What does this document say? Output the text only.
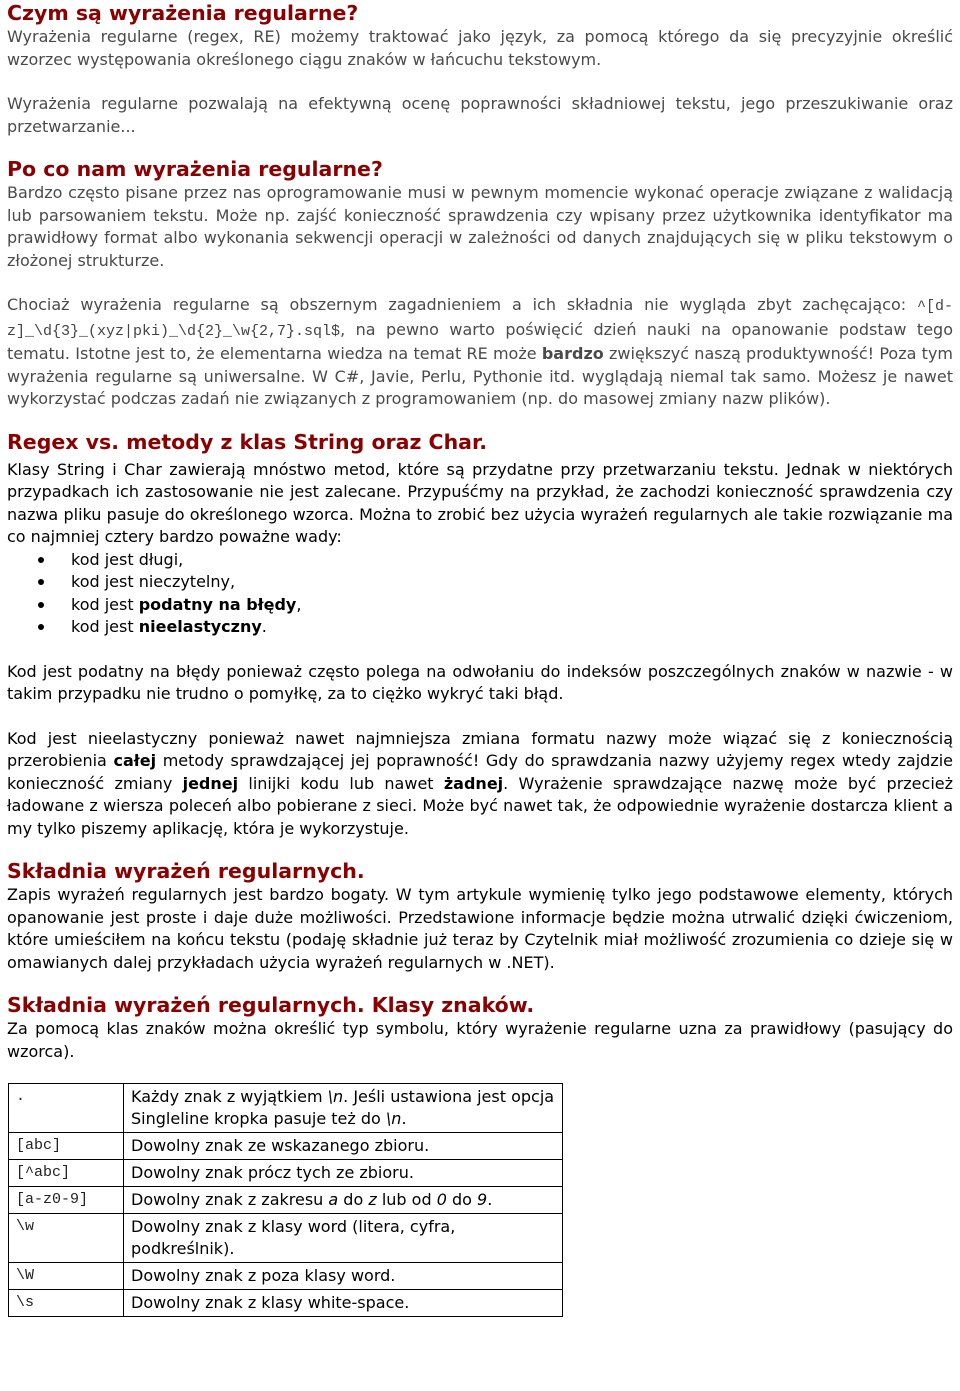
Czym są wyrażenia regularne?

Wyrażenia regularne (regex, RE) możemy traktować jako język, za pomocą którego da się precyzyjnie określić wzorzec występowania określonego ciągu znaków w łańcuchu tekstowym.

Wyrażenia regularne pozwalają na efektywną ocenę poprawności składniowej tekstu, jego przeszukiwanie oraz przetwarzanie...

Po co nam wyrażenia regularne?

Bardzo często pisane przez nas oprogramowanie musi w pewnym momencie wykonać operacje związane z walidacją lub parsowaniem tekstu. Może np. zajść konieczność sprawdzenia czy wpisany przez użytkownika identyfikator ma prawidłowy format albo wykonania sekwencji operacji w zależności od danych znajdujących się w pliku tekstowym o złożonej strukturze.

Chociaż wyrażenia regularne są obszernym zagadnieniem a ich składnia nie wygląda zbyt zachęcająco: ^[d-z]_\d{3}_(xyz|pki)_\d{2}_\w{2,7}.sql$, na pewno warto poświęcić dzień nauki na opanowanie podstaw tego tematu. Istotne jest to, że elementarna wiedza na temat RE może bardzo zwiększyć naszą produktywność! Poza tym wyrażenia regularne są uniwersalne. W C#, Javie, Perlu, Pythonie itd. wyglądają niemal tak samo. Możesz je nawet wykorzystać podczas zadań nie związanych z programowaniem (np. do masowej zmiany nazw plików).

Regex vs. metody z klas String oraz Char.

Klasy String i Char zawierają mnóstwo metod, które są przydatne przy przetwarzaniu tekstu. Jednak w niektórych przypadkach ich zastosowanie nie jest zalecane. Przypuśćmy na przykład, że zachodzi konieczność sprawdzenia czy nazwa pliku pasuje do określonego wzorca. Można to zrobić bez użycia wyrażeń regularnych ale takie rozwiązanie ma co najmniej cztery bardzo poważne wady:

kod jest długi,
kod jest nieczytelny,
kod jest podatny na błędy,
kod jest nieelastyczny.

Kod jest podatny na błędy ponieważ często polega na odwołaniu do indeksów poszczególnych znaków w nazwie - w takim przypadku nie trudno o pomyłkę, za to ciężko wykryć taki błąd.

Kod jest nieelastyczny ponieważ nawet najmniejsza zmiana formatu nazwy może wiązać się z koniecznością przerobienia całej metody sprawdzającej jej poprawność! Gdy do sprawdzania nazwy użyjemy regex wtedy zajdzie konieczność zmiany jednej linijki kodu lub nawet żadnej. Wyrażenie sprawdzające nazwę może być przecież ładowane z wiersza poleceń albo pobierane z sieci. Może być nawet tak, że odpowiednie wyrażenie dostarcza klient a my tylko piszemy aplikację, która je wykorzystuje.

Składnia wyrażeń regularnych.

Zapis wyrażeń regularnych jest bardzo bogaty. W tym artykule wymienię tylko jego podstawowe elementy, których opanowanie jest proste i daje duże możliwości. Przedstawione informacje będzie można utrwalić dzięki ćwiczeniom, które umieściłem na końcu tekstu (podaję składnie już teraz by Czytelnik miał możliwość zrozumienia co dzieje się w omawianych dalej przykładach użycia wyrażeń regularnych w .NET).

Składnia wyrażeń regularnych. Klasy znaków.

Za pomocą klas znaków można określić typ symbolu, który wyrażenie regularne uzna za prawidłowy (pasujący do wzorca).

.	Każdy znak z wyjątkiem \n. Jeśli ustawiona jest opcja Singleline kropka pasuje też do \n.
[abc]	Dowolny znak ze wskazanego zbioru.
[^abc]	Dowolny znak prócz tych ze zbioru.
[a-z0-9]	Dowolny znak z zakresu a do z lub od 0 do 9.
\w	Dowolny znak z klasy word (litera, cyfra, podkreślnik).
\W	Dowolny znak z poza klasy word.
\s	Dowolny znak z klasy white-space.
